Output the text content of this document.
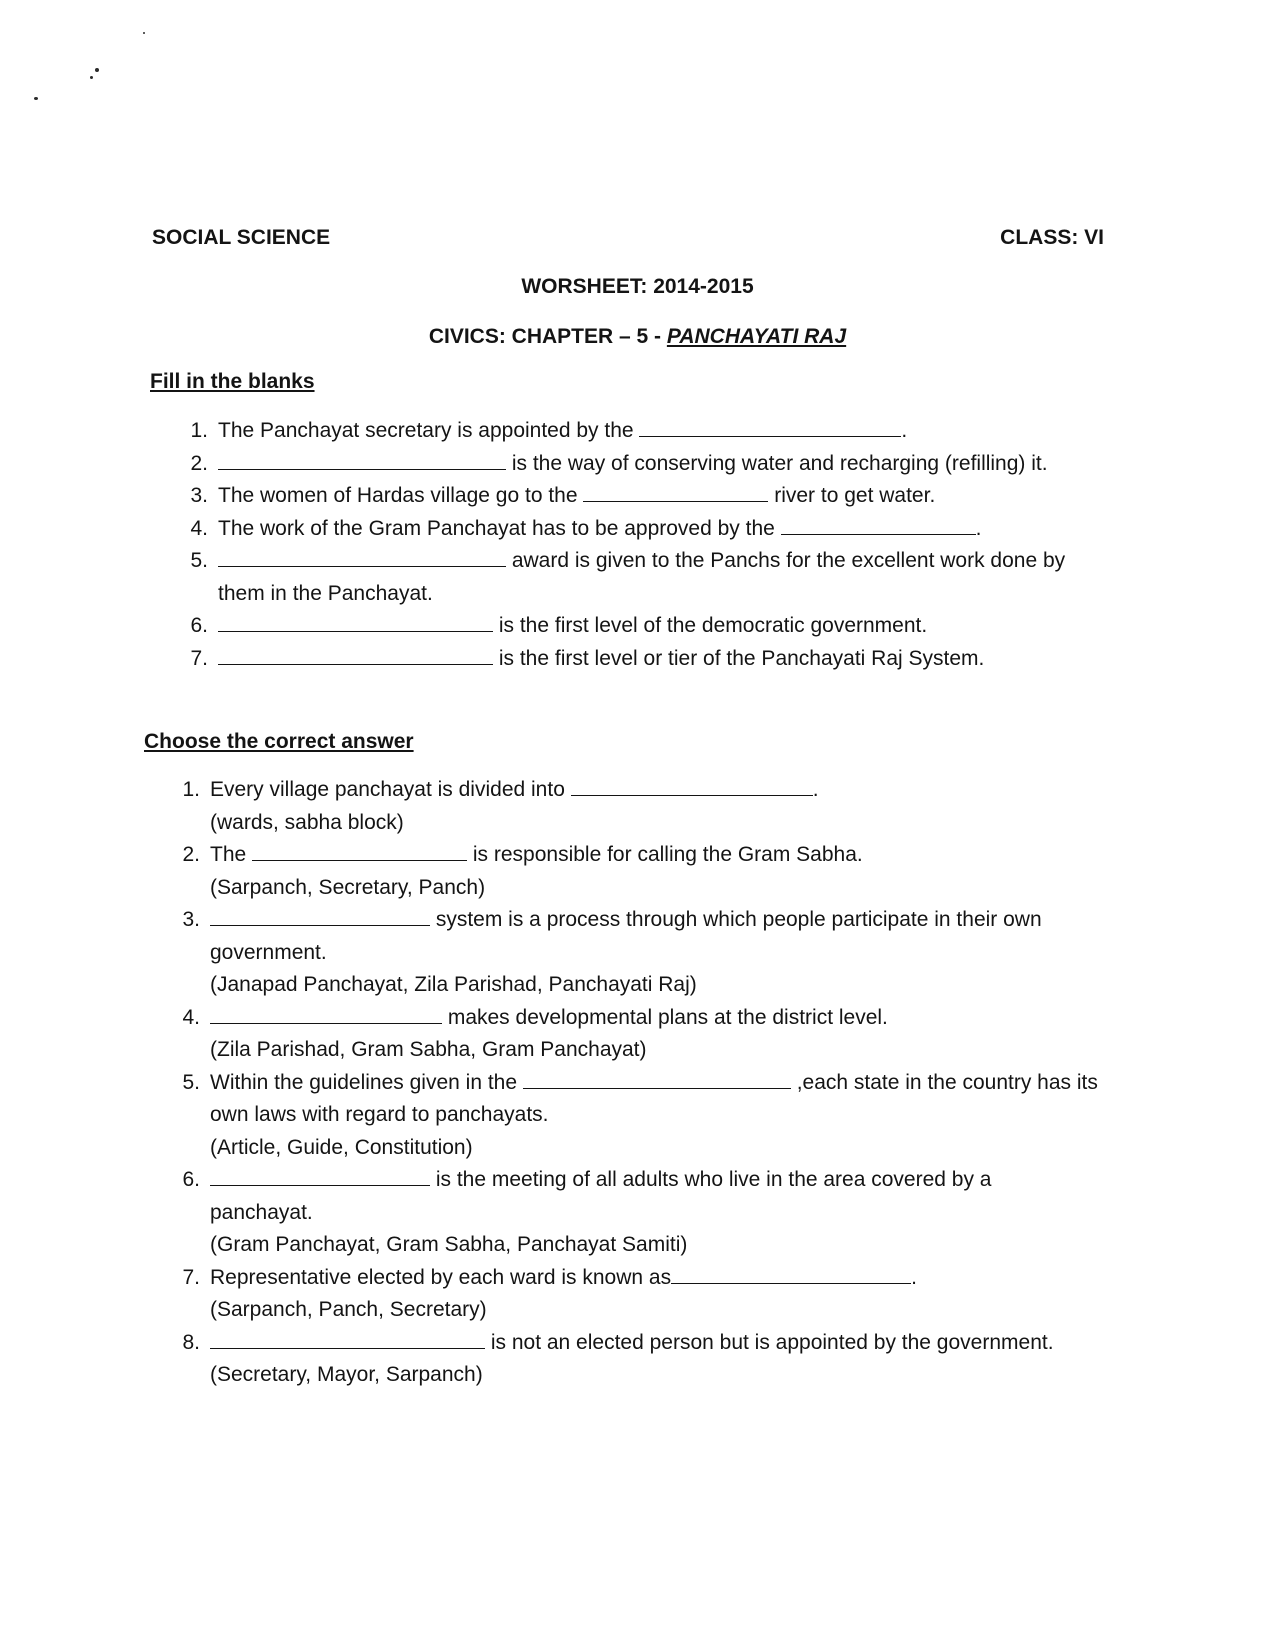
SOCIAL SCIENCE	CLASS: VI
WORSHEET: 2014-2015
CIVICS: CHAPTER – 5 - PANCHAYATI RAJ
Fill in the blanks
1. The Panchayat secretary is appointed by the	.
2.	is the way of conserving water and recharging (refilling) it.
3. The women of Hardas village go to the	river to get water.
4. The work of the Gram Panchayat has to be approved by the	.
5.	award is given to the Panchs for the excellent work done by them in the Panchayat.
6.	is the first level of the democratic government.
7.	is the first level or tier of the Panchayati Raj System.
Choose the correct answer
1. Every village panchayat is divided into	.
(wards, sabha block)
2. The	is responsible for calling the Gram Sabha.
(Sarpanch, Secretary, Panch)
3.	system is a process through which people participate in their own government.
(Janapad Panchayat, Zila Parishad, Panchayati Raj)
4.	makes developmental plans at the district level.
(Zila Parishad, Gram Sabha, Gram Panchayat)
5. Within the guidelines given in the	,each state in the country has its own laws with regard to panchayats.
(Article, Guide, Constitution)
6.	is the meeting of all adults who live in the area covered by a panchayat.
(Gram Panchayat, Gram Sabha, Panchayat Samiti)
7. Representative elected by each ward is known as	.
(Sarpanch, Panch, Secretary)
8.	is not an elected person but is appointed by the government.
(Secretary, Mayor, Sarpanch)
